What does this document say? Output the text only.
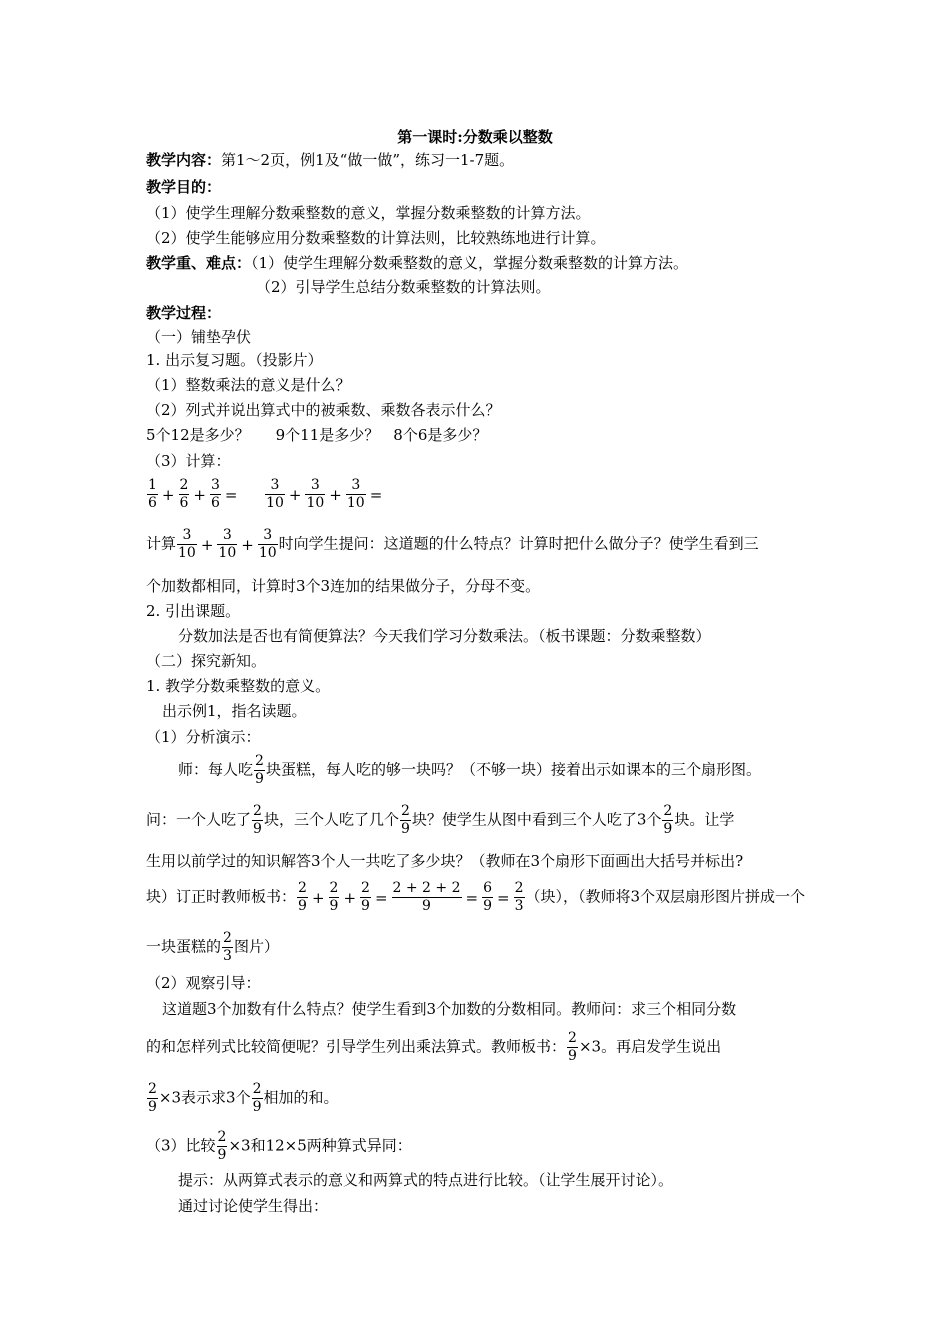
第一课时:分数乘以整数
教学内容：第1～2页，例1及“做一做”，练习一1-7题。
教学目的：
（1）使学生理解分数乘整数的意义，掌握分数乘整数的计算方法。
（2）使学生能够应用分数乘整数的计算法则，比较熟练地进行计算。
教学重、难点：（1）使学生理解分数乘整数的意义，掌握分数乘整数的计算方法。
（2）引导学生总结分数乘整数的计算法则。
教学过程：
（一）铺垫孕伏
1. 出示复习题。（投影片）
（1）整数乘法的意义是什么？
（2）列式并说出算式中的被乘数、乘数各表示什么？
5个12是多少？ 9个11是多少？ 8个6是多少？
（3）计算：
$\frac{1}{6} + \frac{2}{6} + \frac{3}{6} = \frac{3}{10} + \frac{3}{10} + \frac{3}{10}$ =
计算 $\frac{3}{10} + \frac{3}{10} + \frac{3}{10}$ 时向学生提问：这道题的什么特点？计算时把什么做分子？使学生看到三
个加数都相同，计算时3个3连加的结果做分子，分母不变。
2. 引出课题。
分数加法是否也有简便算法？今天我们学习分数乘法。（板书课题：分数乘整数）
（二）探究新知。
1. 教学分数乘整数的意义。
出示例1，指名读题。
（1）分析演示：
师：每人吃 $\frac{2}{9}$ 块蛋糕，每人吃的够一块吗？（不够一块）接着出示如课本的三个扇形图。
问：一个人吃了 $\frac{2}{9}$ 块，三个人吃了几个 $\frac{2}{9}$ 块？使学生从图中看到三个人吃了3个 $\frac{2}{9}$ 块。让学
生用以前学过的知识解答3个人一共吃了多少块？（教师在3个扇形下面画出大括号并标出?
块）订正时教师板书： $\frac{2}{9} + \frac{2}{9} + \frac{2}{9} = \frac{2 + 2 + 2}{9} = \frac{6}{9} = \frac{2}{3}$ （块），（教师将3个双层扇形图片拼成一个
一块蛋糕的 $\frac{2}{3}$ 图片）
（2）观察引导：
这道题3个加数有什么特点？使学生看到3个加数的分数相同。教师问：求三个相同分数
的和怎样列式比较简便呢？引导学生列出乘法算式。教师板书： $\frac{2}{9} \times 3$。再启发学生说出
$\frac{2}{9} \times 3$表示求3个 $\frac{2}{9}$ 相加的和。
（3）比较 $\frac{2}{9} \times 3$和12×5两种算式异同：
提示：从两算式表示的意义和两算式的特点进行比较。（让学生展开讨论）。
通过讨论使学生得出：
